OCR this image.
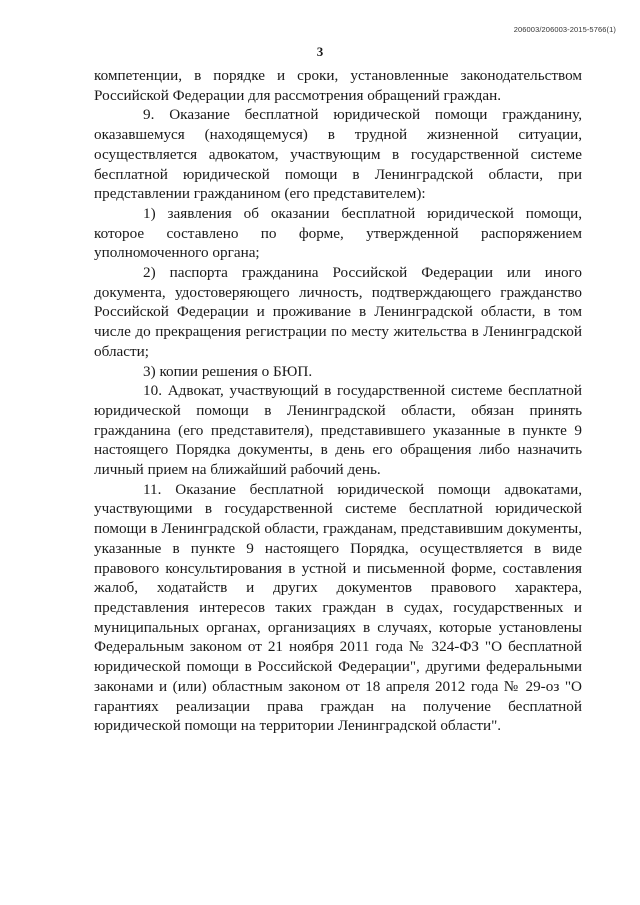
206003/206003-2015-5766(1)
3

компетенции, в порядке и сроки, установленные законодательством Российской Федерации для рассмотрения обращений граждан.

9. Оказание бесплатной юридической помощи гражданину, оказавшемуся (находящемуся) в трудной жизненной ситуации, осуществляется адвокатом, участвующим в государственной системе бесплатной юридической помощи в Ленинградской области, при представлении гражданином (его представителем):

1) заявления об оказании бесплатной юридической помощи, которое составлено по форме, утвержденной распоряжением уполномоченного органа;

2) паспорта гражданина Российской Федерации или иного документа, удостоверяющего личность, подтверждающего гражданство Российской Федерации и проживание в Ленинградской области, в том числе до прекращения регистрации по месту жительства в Ленинградской области;

3) копии решения о БЮП.

10. Адвокат, участвующий в государственной системе бесплатной юридической помощи в Ленинградской области, обязан принять гражданина (его представителя), представившего указанные в пункте 9 настоящего Порядка документы, в день его обращения либо назначить личный прием на ближайший рабочий день.

11. Оказание бесплатной юридической помощи адвокатами, участвующими в государственной системе бесплатной юридической помощи в Ленинградской области, гражданам, представившим документы, указанные в пункте 9 настоящего Порядка, осуществляется в виде правового консультирования в устной и письменной форме, составления жалоб, ходатайств и других документов правового характера, представления интересов таких граждан в судах, государственных и муниципальных органах, организациях в случаях, которые установлены Федеральным законом от 21 ноября 2011 года № 324-ФЗ "О бесплатной юридической помощи в Российской Федерации", другими федеральными законами и (или) областным законом от 18 апреля 2012 года № 29-оз "О гарантиях реализации права граждан на получение бесплатной юридической помощи на территории Ленинградской области".
